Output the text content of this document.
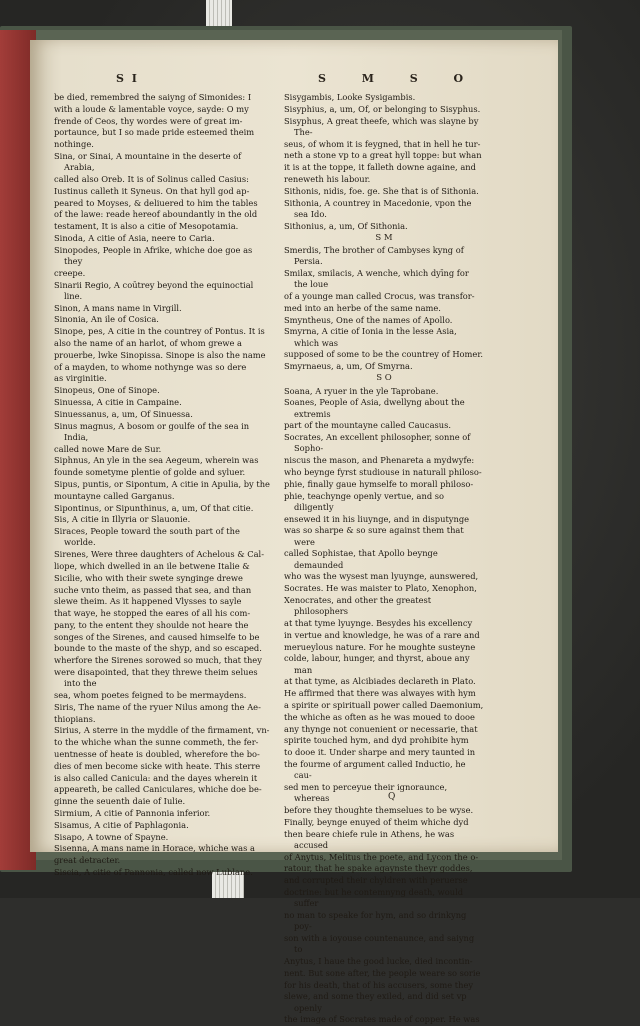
S I	S M S O
be died, remembred the saiyng of Simonides: I
with a loude & lamentable voyce, sayde: O my
frende of Ceos, thy wordes were of great im-
portaunce, but I so made pride esteemed theim
nothinge.
Sina, or Sinai, A mountaine in the deserte of Arabia,
called also Oreb. It is of Solinus called Casius:
Iustinus calleth it Syneus. On that hyll god ap-
peared to Moyses, & deliuered to him the tables
of the lawe: reade hereof aboundantly in the old
testament, It is also a citie of Mesopotamia.
Sinoda, A citie of Asia, neere to Caria.
Sinopodes, People in Afrike, whiche doe goe as they
creepe.
Sinarii Regio, A coūtrey beyond the equinoctial line.
Sinon, A mans name in Virgill.
Sinonia, An ile of Cosica.
Sinope, pes, A citie in the countrey of Pontus. It is
also the name of an harlot, of whom grewe a
prouerbe, lwke Sinopissa. Sinope is also the name
of a mayden, to whome nothynge was so dere
as virginitie.
Sinopeus, One of Sinope.
Sinuessa, A citie in Campaine.
Sinuessanus, a, um, Of Sinuessa.
Sinus magnus, A bosom or goulfe of the sea in India,
called nowe Mare de Sur.
Siphnus, An yle in the sea Aegeum, wherein was
founde sometyme plentie of golde and syluer.
Sipus, puntis, or Sipontum, A citie in Apulia, by the
mountayne called Garganus.
Sipontinus, or Sipunthinus, a, um, Of that citie.
Sis, A citie in Illyria or Slauonie.
Siraces, People toward the south part of the worlde.
Sirenes, Were three daughters of Achelous & Cal-
liope, which dwelled in an ile betwene Italie &
Sicilie, who with their swete synginge drewe
suche vnto theim, as passed that sea, and than
slewe theim. As it happened Vlysses to sayle
that waye, he stopped the eares of all his com-
pany, to the entent they shoulde not heare the
songes of the Sirenes, and caused himselfe to be
bounde to the maste of the shyp, and so escaped.
wherfore the Sirenes sorowed so much, that they
were disapointed, that they threwe theim selues into the
sea, whom poetes feigned to be mermaydens.
Siris, The name of the ryuer Nilus among the Ae-
thiopians.
Sirius, A sterre in the myddle of the firmament, vn-
to the whiche whan the sunne commeth, the fer-
uentnesse of heate is doubled, wherefore the bo-
dies of men become sicke with heate. This sterre
is also called Canicula: and the dayes wherein it
appeareth, be called Caniculares, whiche doe be-
ginne the seuenth daie of Iulie.
Sirmium, A citie of Pannonia inferior.
Sisamus, A citie of Paphlagonia.
Sisapo, A towne of Spayne.
Sisenna, A mans name in Horace, whiche was a
great detracter.
Siscia, A citie of Pannonia, called now Lublane.
Sisygambis, Looke Sysigambis.
Sisyphius, a, um, Of, or belonging to Sisyphus.
Sisyphus, A great theefe, which was slayne by The-
seus, of whom it is feygned, that in hell he tur-
neth a stone vp to a great hyll toppe: but whan
it is at the toppe, it falleth downe againe, and
reneweth his labour.
Sithonis, nidis, foe. ge. She that is of Sithonia.
Sithonia, A countrey in Macedonie, vpon the sea Ido.
Sithonius, a, um, Of Sithonia.
S M
Smerdis, The brother of Cambyses kyng of Persia.
Smilax, smilacis, A wenche, which dyīng for the loue
of a younge man called Crocus, was transfor-
med into an herbe of the same name.
Smyntheus, One of the names of Apollo.
Smyrna, A citie of Ionia in the lesse Asia, which was
supposed of some to be the countrey of Homer.
Smyrnaeus, a, um, Of Smyrna.
S O
Soana, A ryuer in the yle Taprobane.
Soanes, People of Asia, dwellyng about the extremis
part of the mountayne called Caucasus.
Socrates, An excellent philosopher, sonne of Sopho-
niscus the mason, and Phenareta a mydwyfe:
who beynge fyrst studiouse in naturall philoso-
phie, finally gaue hymselfe to morall philoso-
phie, teachynge openly vertue, and so diligently
ensewed it in his liuynge, and in disputynge
was so sharpe & so sure against them that were
called Sophistae, that Apollo beynge demaunded
who was the wysest man lyuynge, aunswered,
Socrates. He was maister to Plato, Xenophon,
Xenocrates, and other the greatest philosophers
at that tyme lyuynge. Besydes his excellency
in vertue and knowledge, he was of a rare and
merueylous nature. For he moughte susteyne
colde, labour, hunger, and thyrst, aboue any man
at that tyme, as Alcibiades declareth in Plato.
He affirmed that there was alwayes with hym
a spirite or spirituall power called Daemonium,
the whiche as often as he was moued to dooe
any thynge not conuenient or necessarie, that
spirite touched hym, and dyd prohibite hym
to dooe it. Under sharpe and mery taunted in
the fourme of argument called Inductio, he cau-
sed men to perceyue their ignoraunce, whereas
before they thoughte themselues to be wyse.
Finally, beynge enuyed of theim whiche dyd
then beare chiefe rule in Athens, he was accused
of Anytus, Melitus the poete, and Lycon the o-
ratour, that he spake agaynste theyr goddes,
and corrupted their chyldren with peruerse
doctrine: but he contemnyng death, would suffer
no man to speake for hym, and so drinkyng poy-
son with a ioyouse countenaunce, and saiyng to
Anytus, I haue the good lucke, died incontin-
nent. But sone after, the people weare so sorie
for his death, that of his accusers, some they
slewe, and some they exiled, and did set vp openly
the image of Socrates made of copper. He was
Q
